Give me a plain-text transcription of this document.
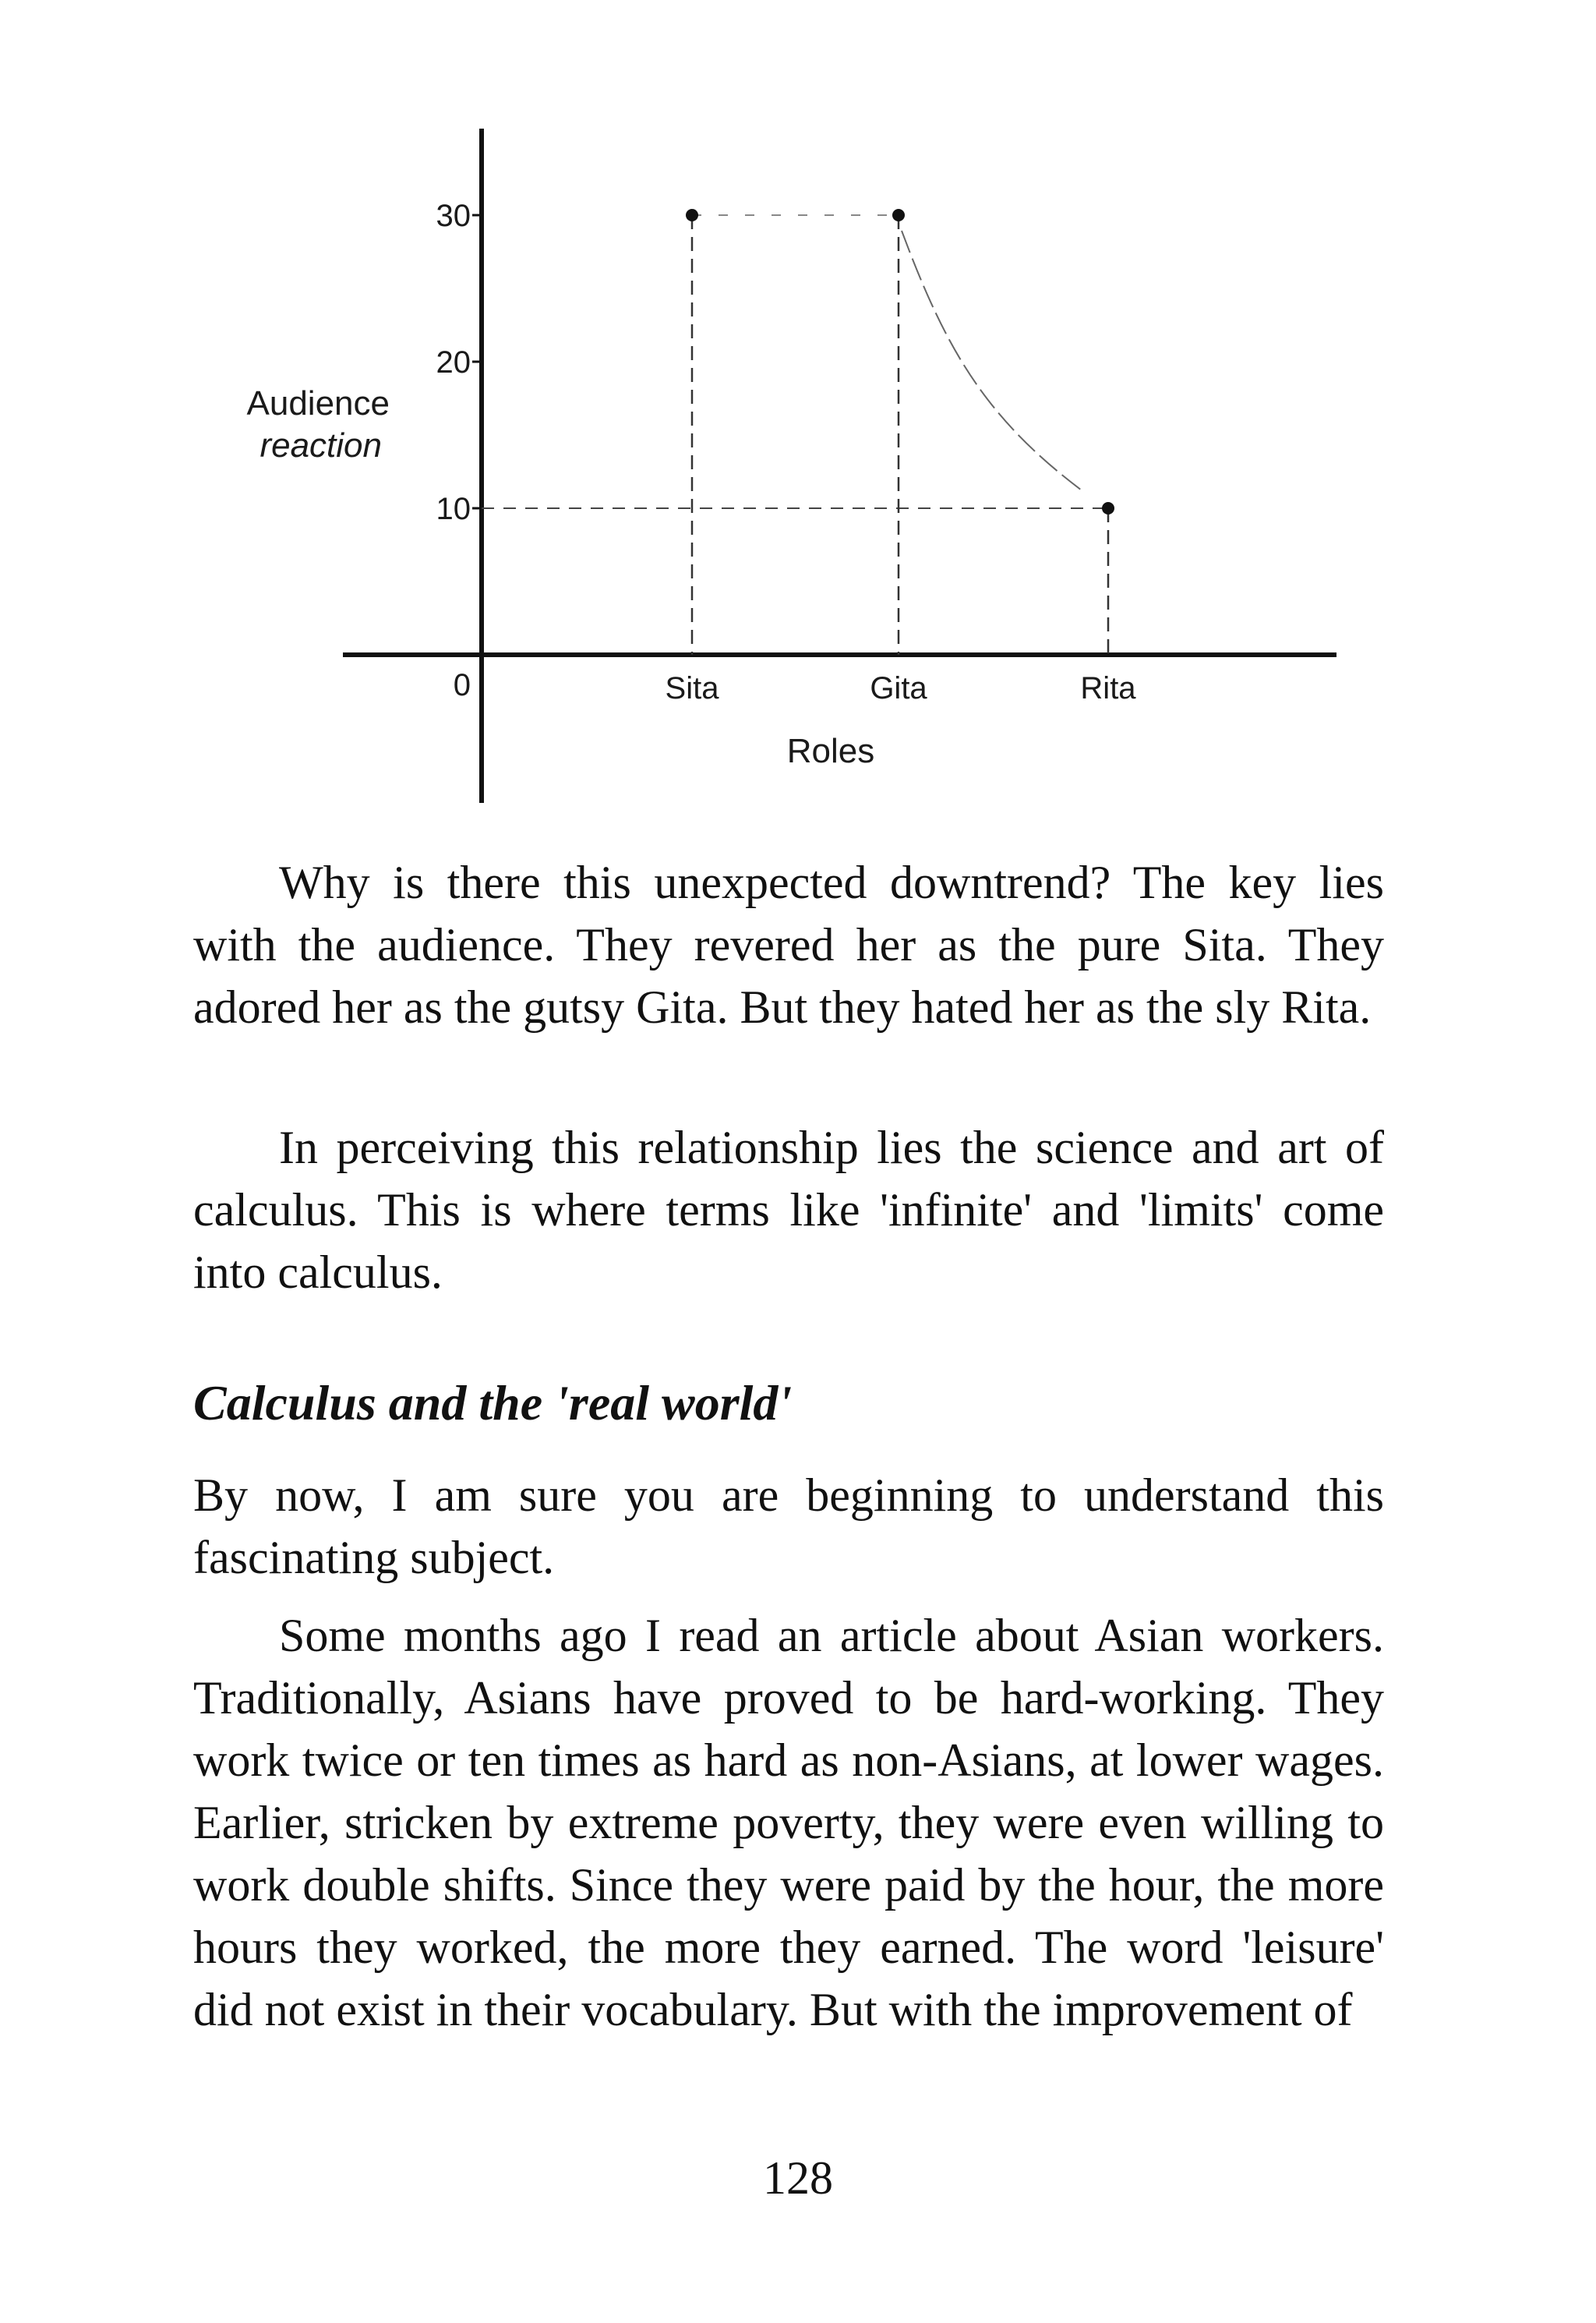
30
20
10
0	Sita	Gita	Rita
Audience
reaction
Roles

Why is there this unexpected downtrend? The key lies with the audience. They revered her as the pure Sita. They adored her as the gutsy Gita. But they hated her as the sly Rita.

In perceiving this relationship lies the science and art of calculus. This is where terms like 'infinite' and 'limits' come into calculus.

Calculus and the 'real world'

By now, I am sure you are beginning to understand this fascinating subject.

Some months ago I read an article about Asian workers. Traditionally, Asians have proved to be hard-working. They work twice or ten times as hard as non-Asians, at lower wages. Earlier, stricken by extreme poverty, they were even willing to work double shifts. Since they were paid by the hour, the more hours they worked, the more they earned. The word 'leisure' did not exist in their vocabulary. But with the improvement of

128
